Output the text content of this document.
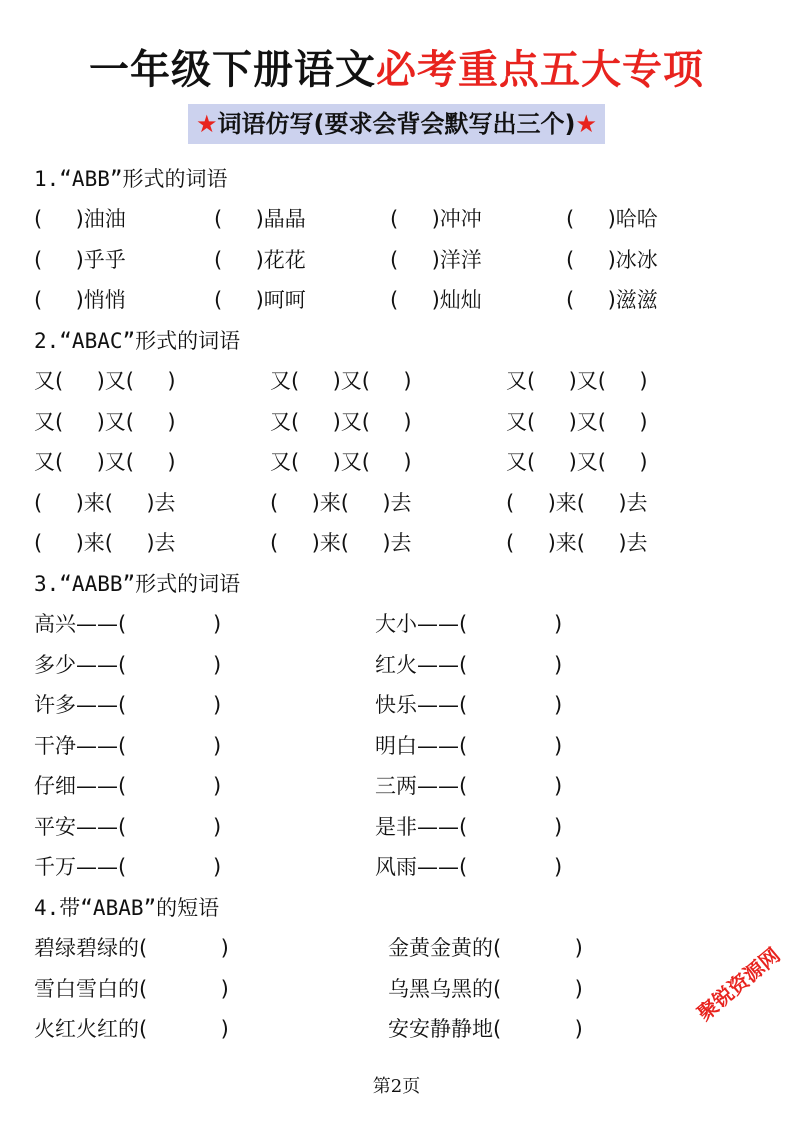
一年级下册语文必考重点五大专项
★词语仿写(要求会背会默写出三个)★
1.“ABB”形式的词语
(     )油油	(     )晶晶	(     )冲冲	(     )哈哈
(     )乎乎	(     )花花	(     )洋洋	(     )冰冰
(     )悄悄	(     )呵呵	(     )灿灿	(     )滋滋
2.“ABAC”形式的词语
又(     )又(     )	又(     )又(     )	又(     )又(     )
又(     )又(     )	又(     )又(     )	又(     )又(     )
又(     )又(     )	又(     )又(     )	又(     )又(     )
(     )来(     )去	(     )来(     )去	(     )来(     )去
(     )来(     )去	(     )来(     )去	(     )来(     )去
3.“AABB”形式的词语
高兴——(             )	大小——(             )
多少——(             )	红火——(             )
许多——(             )	快乐——(             )
干净——(             )	明白——(             )
仔细——(             )	三两——(             )
平安——(             )	是非——(             )
千万——(             )	风雨——(             )
4.带“ABAB”的短语
碧绿碧绿的(           )	金黄金黄的(           )
雪白雪白的(           )	乌黑乌黑的(           )
火红火红的(           )	安安静静地(           )
聚锐资源网
第2页
